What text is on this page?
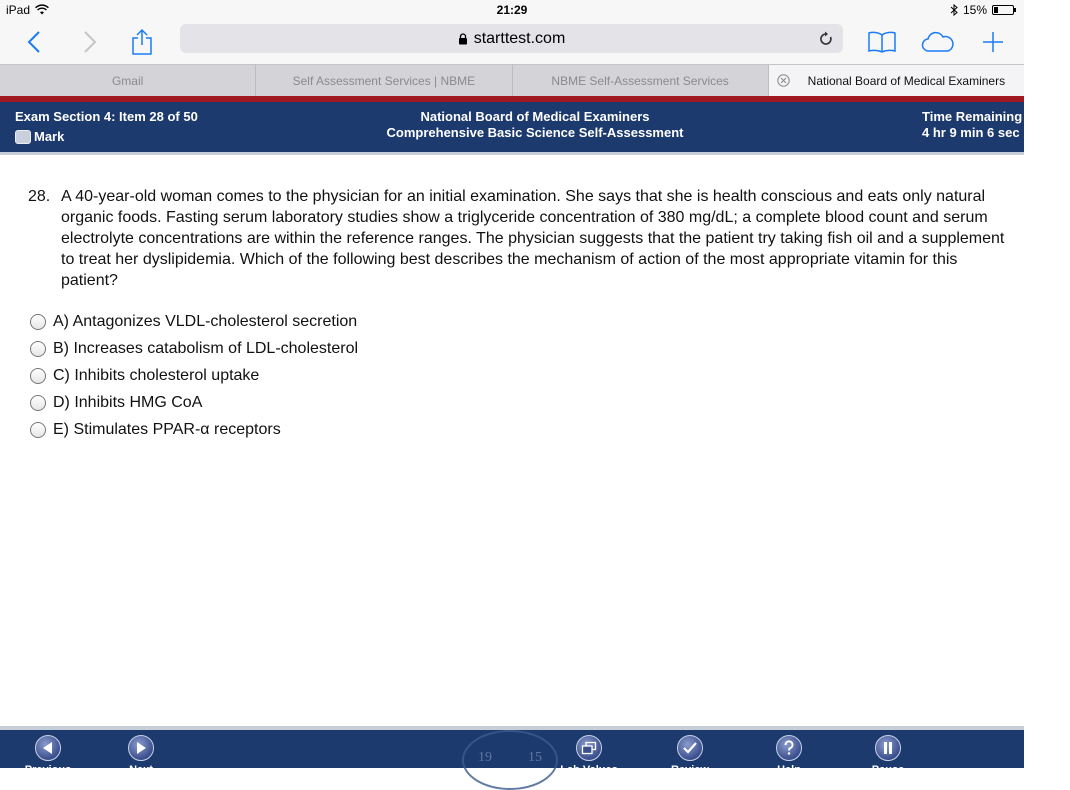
iPad	21:29	15%
starttest.com
Gmail	Self Assessment Services | NBME	NBME Self-Assessment Services	National Board of Medical Examiners
Exam Section 4: Item 28 of 50
Mark
National Board of Medical Examiners
Comprehensive Basic Science Self-Assessment
Time Remaining
4 hr 9 min 6 sec
28. A 40-year-old woman comes to the physician for an initial examination. She says that she is health conscious and eats only natural organic foods. Fasting serum laboratory studies show a triglyceride concentration of 380 mg/dL; a complete blood count and serum electrolyte concentrations are within the reference ranges. The physician suggests that the patient try taking fish oil and a supplement to treat her dyslipidemia. Which of the following best describes the mechanism of action of the most appropriate vitamin for this patient?
A) Antagonizes VLDL-cholesterol secretion
B) Increases catabolism of LDL-cholesterol
C) Inhibits cholesterol uptake
D) Inhibits HMG CoA
E) Stimulates PPAR-α receptors
19	15
Previous	Next	Lab Values	Review	Help	Pause
